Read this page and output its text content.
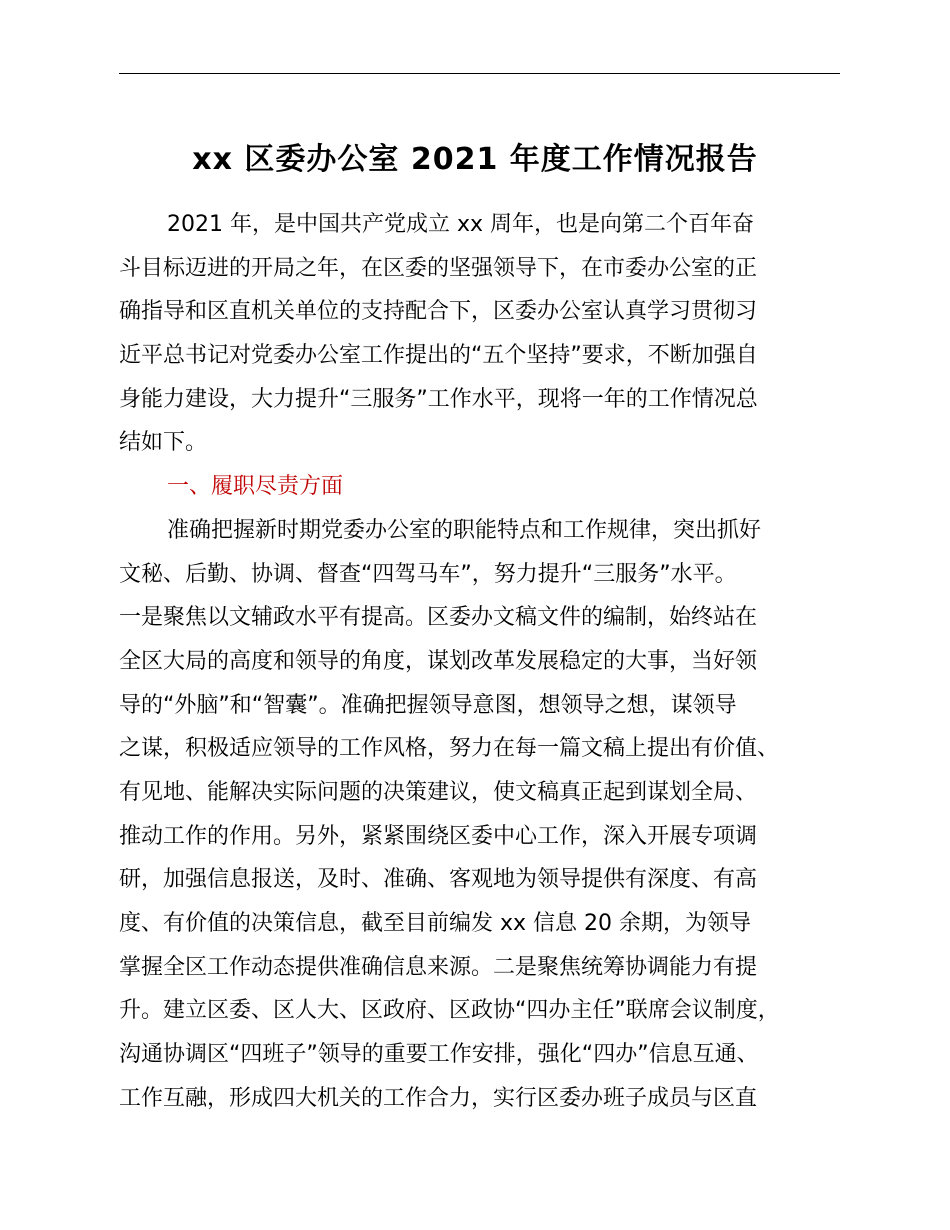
xx 区委办公室 2021 年度工作情况报告
2021 年，是中国共产党成立 xx 周年，也是向第二个百年奋
斗目标迈进的开局之年，在区委的坚强领导下，在市委办公室的正
确指导和区直机关单位的支持配合下，区委办公室认真学习贯彻习
近平总书记对党委办公室工作提出的“五个坚持”要求，不断加强自
身能力建设，大力提升“三服务”工作水平，现将一年的工作情况总
结如下。
一、履职尽责方面
准确把握新时期党委办公室的职能特点和工作规律，突出抓好
文秘、后勤、协调、督查“四驾马车”，努力提升“三服务”水平。
一是聚焦以文辅政水平有提高。区委办文稿文件的编制，始终站在
全区大局的高度和领导的角度，谋划改革发展稳定的大事，当好领
导的“外脑”和“智囊”。准确把握领导意图，想领导之想，谋领导
之谋，积极适应领导的工作风格，努力在每一篇文稿上提出有价值、
有见地、能解决实际问题的决策建议，使文稿真正起到谋划全局、
推动工作的作用。另外，紧紧围绕区委中心工作，深入开展专项调
研，加强信息报送，及时、准确、客观地为领导提供有深度、有高
度、有价值的决策信息，截至目前编发 xx 信息 20 余期，为领导
掌握全区工作动态提供准确信息来源。二是聚焦统筹协调能力有提
升。建立区委、区人大、区政府、区政协“四办主任”联席会议制度，
沟通协调区“四班子”领导的重要工作安排，强化“四办”信息互通、
工作互融，形成四大机关的工作合力，实行区委办班子成员与区直
